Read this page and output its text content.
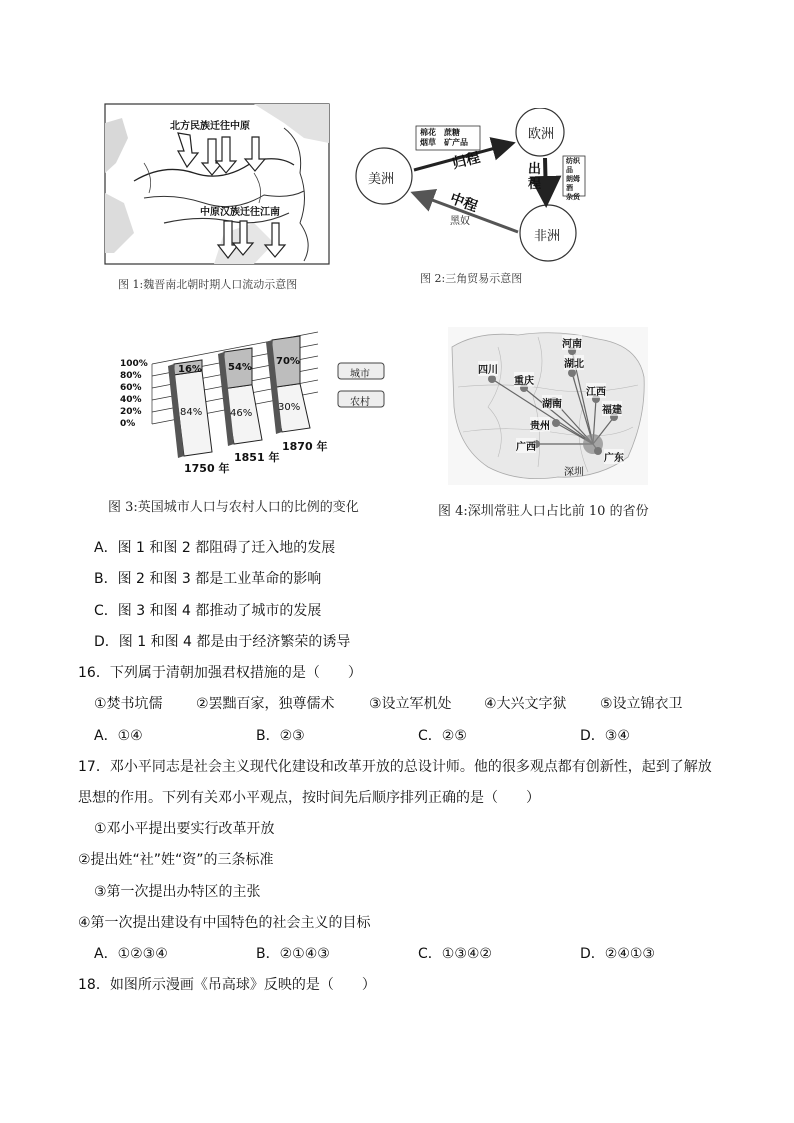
北方民族迁往中原
中原汉族迁往江南
图 1:魏晋南北朝时期人口流动示意图
欧洲
美洲
非洲
棉花　蔗糖
烟草　矿产品
纺织品
朗姆酒
杂货
归程	出程
中程
黑奴
图 2:三角贸易示意图
100%
80%
60%
40%
20%
0%
城市
农村
1750 年
1851 年
1870 年
16%
84%
54%
46%
70%
30%
图 3:英国城市人口与农村人口的比例的变化
深圳
河南
湖北
四川
重庆
湖南
江西
福建
贵州
广西
广东
图 4:深圳常驻人口占比前 10 的省份
A．图 1 和图 2 都阻碍了迁入地的发展
B．图 2 和图 3 都是工业革命的影响
C．图 3 和图 4 都推动了城市的发展
D．图 1 和图 4 都是由于经济繁荣的诱导
16．下列属于清朝加强君权措施的是（　　）
①焚书坑儒 ②罢黜百家，独尊儒术 ③设立军机处 ④大兴文字狱 ⑤设立锦衣卫
A．①④	B．②③	C．②⑤	D．③④
17．邓小平同志是社会主义现代化建设和改革开放的总设计师。他的很多观点都有创新性，起到了解放
思想的作用。下列有关邓小平观点，按时间先后顺序排列正确的是（　　）
①邓小平提出要实行改革开放
②提出姓“社”姓“资”的三条标准
③第一次提出办特区的主张
④第一次提出建设有中国特色的社会主义的目标
A．①②③④	B．②①④③	C．①③④②	D．②④①③
18．如图所示漫画《吊高球》反映的是（　　）
